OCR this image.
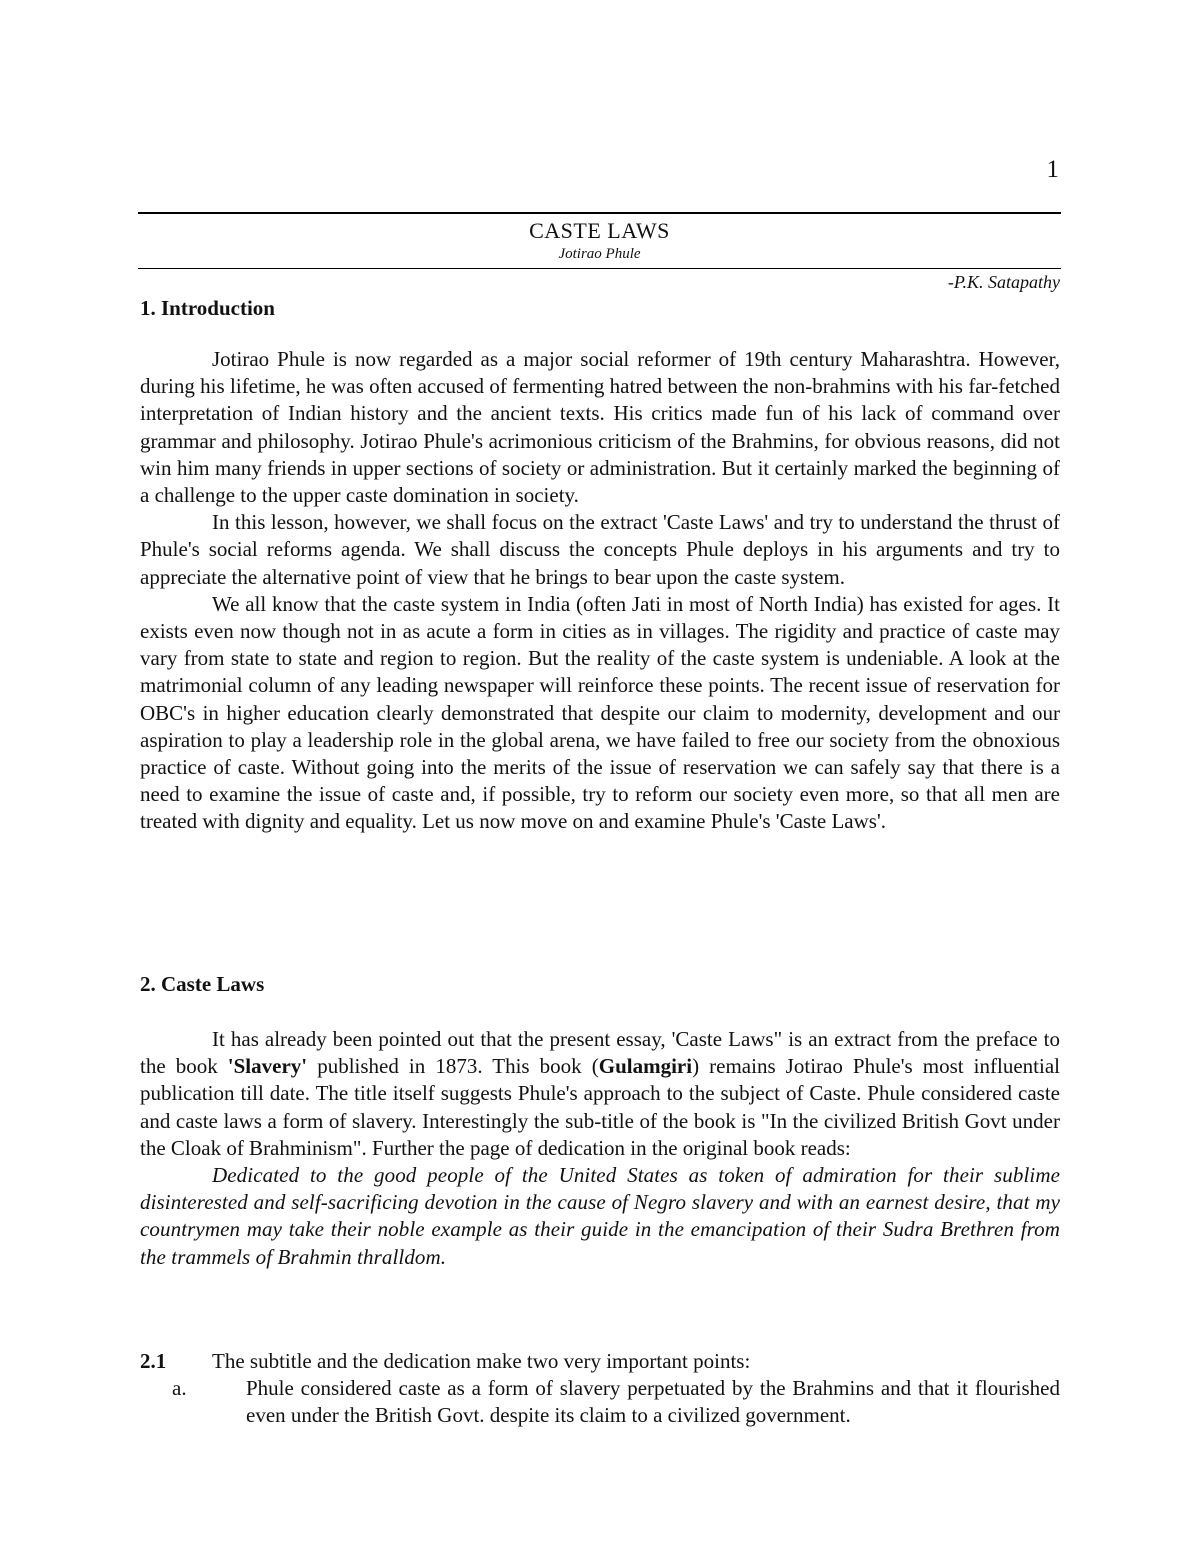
1
CASTE LAWS
Jotirao Phule
-P.K. Satapathy
1. Introduction

Jotirao Phule is now regarded as a major social reformer of 19th century Maharashtra. However, during his lifetime, he was often accused of fermenting hatred between the non-brahmins with his far-fetched interpretation of Indian history and the ancient texts. His critics made fun of his lack of command over grammar and philosophy. Jotirao Phule's acrimonious criticism of the Brahmins, for obvious reasons, did not win him many friends in upper sections of society or administration. But it certainly marked the beginning of a challenge to the upper caste domination in society.

In this lesson, however, we shall focus on the extract 'Caste Laws' and try to understand the thrust of Phule's social reforms agenda. We shall discuss the concepts Phule deploys in his arguments and try to appreciate the alternative point of view that he brings to bear upon the caste system.

We all know that the caste system in India (often Jati in most of North India) has existed for ages. It exists even now though not in as acute a form in cities as in villages. The rigidity and practice of caste may vary from state to state and region to region. But the reality of the caste system is undeniable. A look at the matrimonial column of any leading newspaper will reinforce these points. The recent issue of reservation for OBC's in higher education clearly demonstrated that despite our claim to modernity, development and our aspiration to play a leadership role in the global arena, we have failed to free our society from the obnoxious practice of caste. Without going into the merits of the issue of reservation we can safely say that there is a need to examine the issue of caste and, if possible, try to reform our society even more, so that all men are treated with dignity and equality. Let us now move on and examine Phule's 'Caste Laws'.

2. Caste Laws

It has already been pointed out that the present essay, 'Caste Laws" is an extract from the preface to the book 'Slavery' published in 1873. This book (Gulamgiri) remains Jotirao Phule's most influential publication till date. The title itself suggests Phule's approach to the subject of Caste. Phule considered caste and caste laws a form of slavery. Interestingly the sub-title of the book is "In the civilized British Govt under the Cloak of Brahminism". Further the page of dedication in the original book reads:

Dedicated to the good people of the United States as token of admiration for their sublime disinterested and self-sacrificing devotion in the cause of Negro slavery and with an earnest desire, that my countrymen may take their noble example as their guide in the emancipation of their Sudra Brethren from the trammels of Brahmin thralldom.

2.1	The subtitle and the dedication make two very important points:
a.	Phule considered caste as a form of slavery perpetuated by the Brahmins and that it flourished even under the British Govt. despite its claim to a civilized government.
